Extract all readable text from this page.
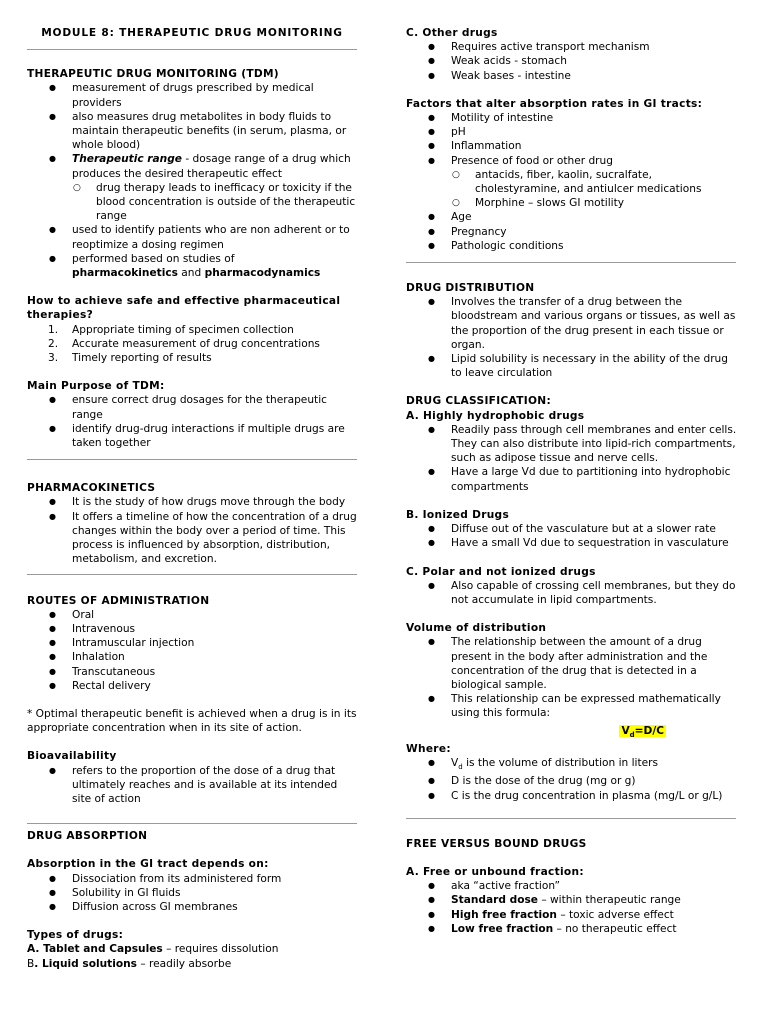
MODULE 8: THERAPEUTIC DRUG MONITORING

THERAPEUTIC DRUG MONITORING (TDM)
● measurement of drugs prescribed by medical providers
● also measures drug metabolites in body fluids to maintain therapeutic benefits (in serum, plasma, or whole blood)
● Therapeutic range - dosage range of a drug which produces the desired therapeutic effect
○ drug therapy leads to inefficacy or toxicity if the blood concentration is outside of the therapeutic range
● used to identify patients who are non adherent or to reoptimize a dosing regimen
● performed based on studies of
pharmacokinetics and pharmacodynamics
How to achieve safe and effective pharmaceutical therapies?
1. Appropriate timing of specimen collection
2. Accurate measurement of drug concentrations
3. Timely reporting of results
Main Purpose of TDM:
● ensure correct drug dosages for the therapeutic range
● identify drug-drug interactions if multiple drugs are taken together
PHARMACOKINETICS
● It is the study of how drugs move through the body
● It offers a timeline of how the concentration of a drug changes within the body over a period of time. This process is influenced by absorption, distribution, metabolism, and excretion.
ROUTES OF ADMINISTRATION
● Oral
● Intravenous
● Intramuscular injection
● Inhalation
● Transcutaneous
● Rectal delivery

* Optimal therapeutic benefit is achieved when a drug is in its appropriate concentration when in its site of action.

Bioavailability
● refers to the proportion of the dose of a drug that ultimately reaches and is available at its intended site of action
DRUG ABSORPTION
Absorption in the GI tract depends on:
● Dissociation from its administered form
● Solubility in GI fluids
● Diffusion across GI membranes
Types of drugs:

A. Tablet and Capsules – requires dissolution

B. Liquid solutions – readily absorbe

C. Other drugs
● Requires active transport mechanism
● Weak acids - stomach
● Weak bases - intestine
Factors that alter absorption rates in GI tracts:
● Motility of intestine
● pH
● Inflammation
● Presence of food or other drug
○ antacids, fiber, kaolin, sucralfate, cholestyramine, and antiulcer medications
○ Morphine – slows GI motility
● Age
● Pregnancy
● Pathologic conditions
DRUG DISTRIBUTION
● Involves the transfer of a drug between the bloodstream and various organs or tissues, as well as the proportion of the drug present in each tissue or organ.
● Lipid solubility is necessary in the ability of the drug to leave circulation
DRUG CLASSIFICATION:
A. Highly hydrophobic drugs
● Readily pass through cell membranes and enter cells. They can also distribute into lipid-rich compartments, such as adipose tissue and nerve cells.
● Have a large Vd due to partitioning into hydrophobic compartments
B. Ionized Drugs
● Diffuse out of the vasculature but at a slower rate
● Have a small Vd due to sequestration in vasculature
C. Polar and not ionized drugs
● Also capable of crossing cell membranes, but they do not accumulate in lipid compartments.
Volume of distribution
● The relationship between the amount of a drug present in the body after administration and the concentration of the drug that is detected in a biological sample.
● This relationship can be expressed mathematically using this formula:
$V_d=D/C$
Where:
● $V_d$ is the volume of distribution in liters
● D is the dose of the drug (mg or g)
● C is the drug concentration in plasma (mg/L or g/L)
FREE VERSUS BOUND DRUGS
A. Free or unbound fraction:
● aka “active fraction”
● Standard dose – within therapeutic range
● High free fraction – toxic adverse effect
● Low free fraction – no therapeutic effect
